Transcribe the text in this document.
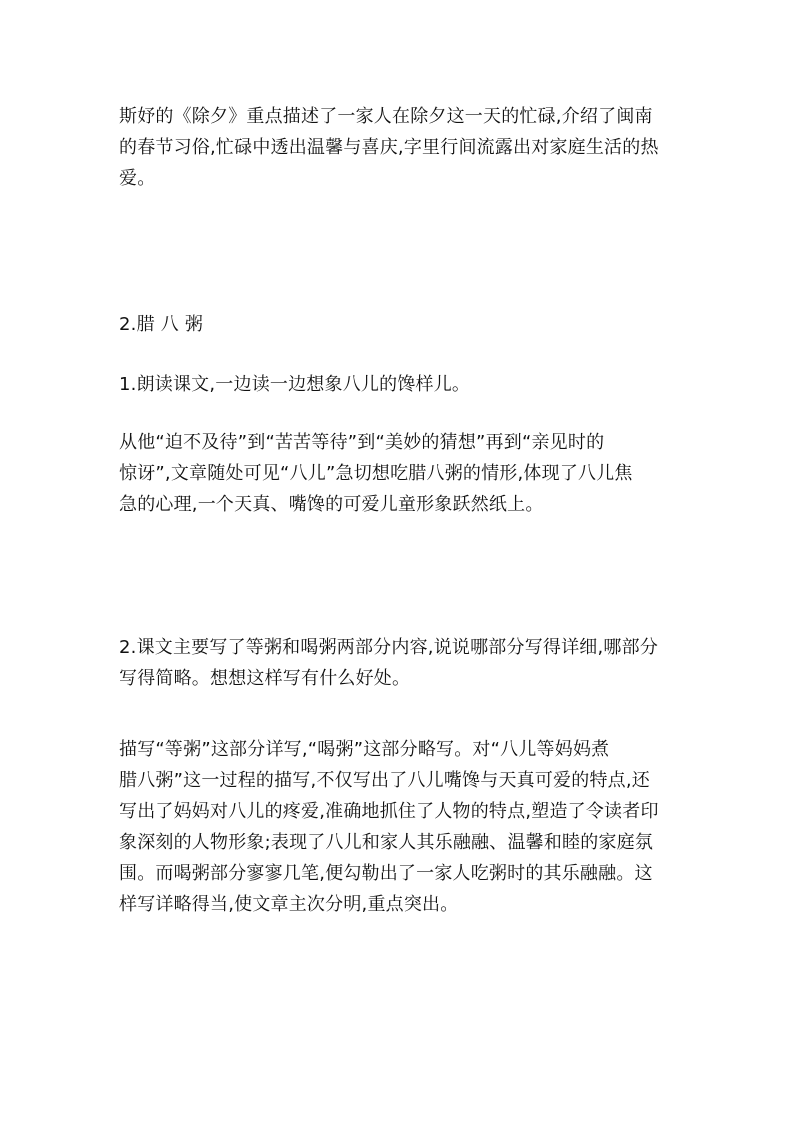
斯妤的《除夕》重点描述了一家人在除夕这一天的忙碌,介绍了闽南
的春节习俗,忙碌中透出温馨与喜庆,字里行间流露出对家庭生活的热
爱。
2.腊 八 粥
1.朗读课文,一边读一边想象八儿的馋样儿。
从他“迫不及待”到“苦苦等待”到“美妙的猜想”再到“亲见时的
惊讶”,文章随处可见“八儿”急切想吃腊八粥的情形,体现了八儿焦
急的心理,一个天真、嘴馋的可爱儿童形象跃然纸上。
2.课文主要写了等粥和喝粥两部分内容,说说哪部分写得详细,哪部分
写得简略。想想这样写有什么好处。
描写“等粥”这部分详写,“喝粥”这部分略写。对“八儿等妈妈煮
腊八粥”这一过程的描写,不仅写出了八儿嘴馋与天真可爱的特点,还
写出了妈妈对八儿的疼爱,准确地抓住了人物的特点,塑造了令读者印
象深刻的人物形象;表现了八儿和家人其乐融融、温馨和睦的家庭氛
围。而喝粥部分寥寥几笔,便勾勒出了一家人吃粥时的其乐融融。这
样写详略得当,使文章主次分明,重点突出。
